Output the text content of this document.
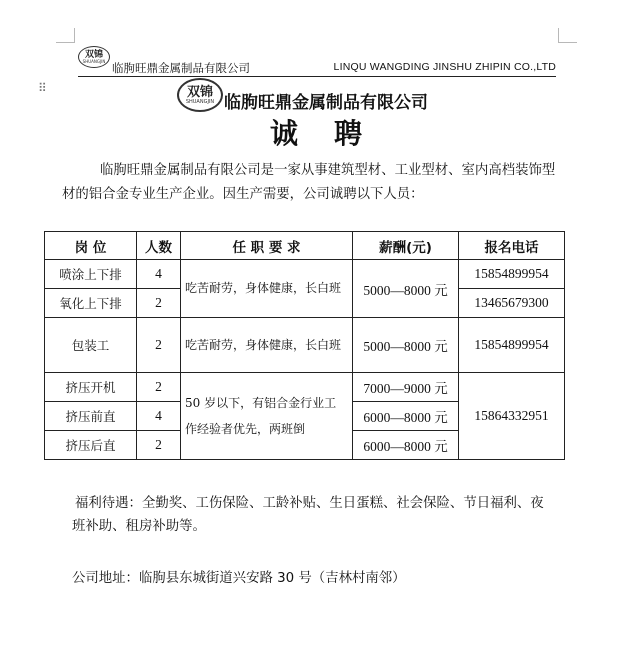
双锦
SHUANGJIN 临朐旺鼎金属制品有限公司	LINQU WANGDING JINSHU ZHIPIN CO.,LTD
⠿	双锦
SHUANGJIN 临朐旺鼎金属制品有限公司
诚聘
临朐旺鼎金属制品有限公司是一家从事建筑型材、工业型材、室内高档装饰型材的铝合金专业生产企业。因生产需要，公司诚聘以下人员：
岗 位	人数	任 职 要 求	薪酬(元)	报名电话
喷涂上下排	4	吃苦耐劳，身体健康，长白班	5000—8000 元	15854899954
氧化上下排	2			13465679300
包装工	2	吃苦耐劳，身体健康，长白班	5000—8000 元	15854899954
挤压开机	2	50 岁以下，有铝合金行业工作经验者优先，两班倒	7000—9000 元	15864332951
挤压前直	4		6000—8000 元	
挤压后直	2		6000—8000 元	
福利待遇：全勤奖、工伤保险、工龄补贴、生日蛋糕、社会保险、节日福利、夜班补助、租房补助等。
公司地址：临朐县东城街道兴安路 30 号（吉林村南邻）
